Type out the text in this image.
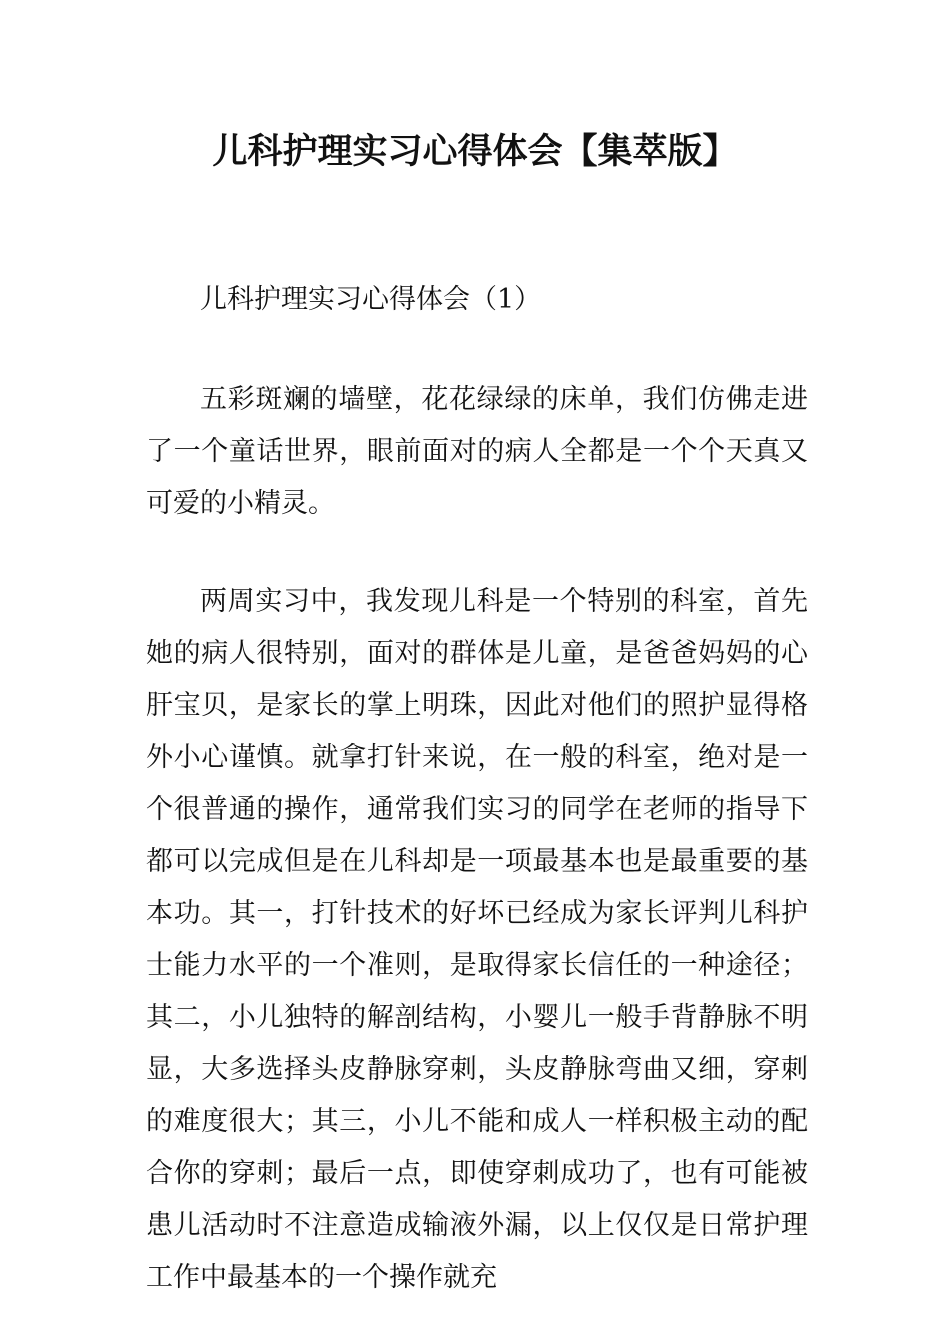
儿科护理实习心得体会【集萃版】

儿科护理实习心得体会（1）

五彩斑斓的墙壁，花花绿绿的床单，我们仿佛走进了一个童话世界，眼前面对的病人全都是一个个天真又可爱的小精灵。

两周实习中，我发现儿科是一个特别的科室，首先她的病人很特别，面对的群体是儿童，是爸爸妈妈的心肝宝贝，是家长的掌上明珠，因此对他们的照护显得格外小心谨慎。就拿打针来说，在一般的科室，绝对是一个很普通的操作，通常我们实习的同学在老师的指导下都可以完成但是在儿科却是一项最基本也是最重要的基本功。其一，打针技术的好坏已经成为家长评判儿科护士能力水平的一个准则，是取得家长信任的一种途径；其二，小儿独特的解剖结构，小婴儿一般手背静脉不明显，大多选择头皮静脉穿刺，头皮静脉弯曲又细，穿刺的难度很大；其三，小儿不能和成人一样积极主动的配合你的穿刺；最后一点，即使穿刺成功了，也有可能被患儿活动时不注意造成输液外漏，以上仅仅是日常护理工作中最基本的一个操作就充
